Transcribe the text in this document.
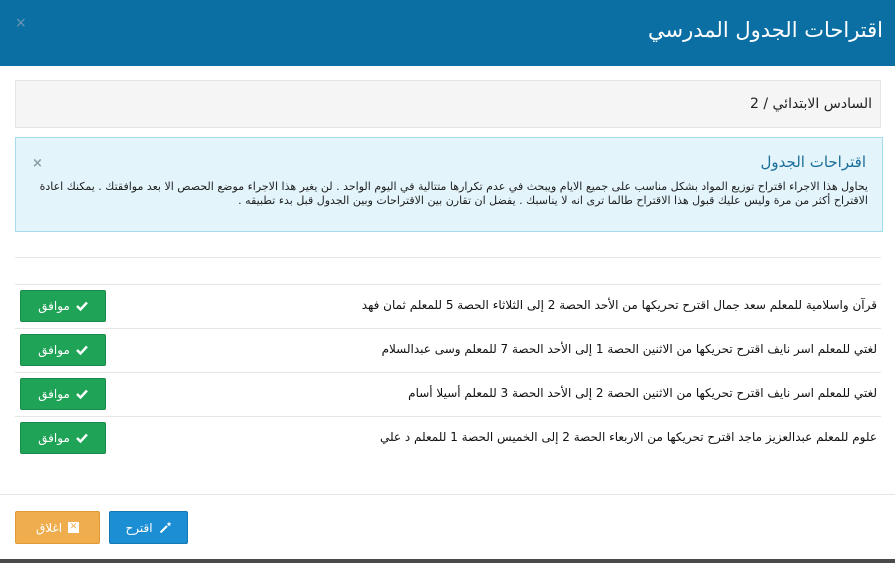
×	اقتراحات الجدول المدرسي
السادس الابتدائي / 2
×	اقتراحات الجدول
يحاول هذا الاجراء اقتراح توزيع المواد بشكل مناسب على جميع الايام ويبحث في عدم تكرارها متتالية في اليوم الواحد . لن يغير هذا الاجراء موضع الحصص الا بعد موافقتك . يمكنك اعادة الاقتراح أكثر من مرة وليس عليك قبول هذا الاقتراح طالما ترى انه لا يناسبك . يفضل ان تقارن بين الاقتراحات وبين الجدول قبل بدء تطبيقه .
قرآن واسلامية للمعلم سعد جمال اقترح تحريكها من الأحد الحصة 2 إلى الثلاثاء الحصة 5 للمعلم ثمان فهد
موافق
لغتي للمعلم اسر نايف اقترح تحريكها من الاثنين الحصة 1 إلى الأحد الحصة 7 للمعلم وسى عبدالسلام
موافق
لغتي للمعلم اسر نايف اقترح تحريكها من الاثنين الحصة 2 إلى الأحد الحصة 3 للمعلم أسيلا أسام
موافق
علوم للمعلم عبدالعزيز ماجد اقترح تحريكها من الاربعاء الحصة 2 إلى الخميس الحصة 1 للمعلم د علي
موافق
✕
اغلاق	اقترح
